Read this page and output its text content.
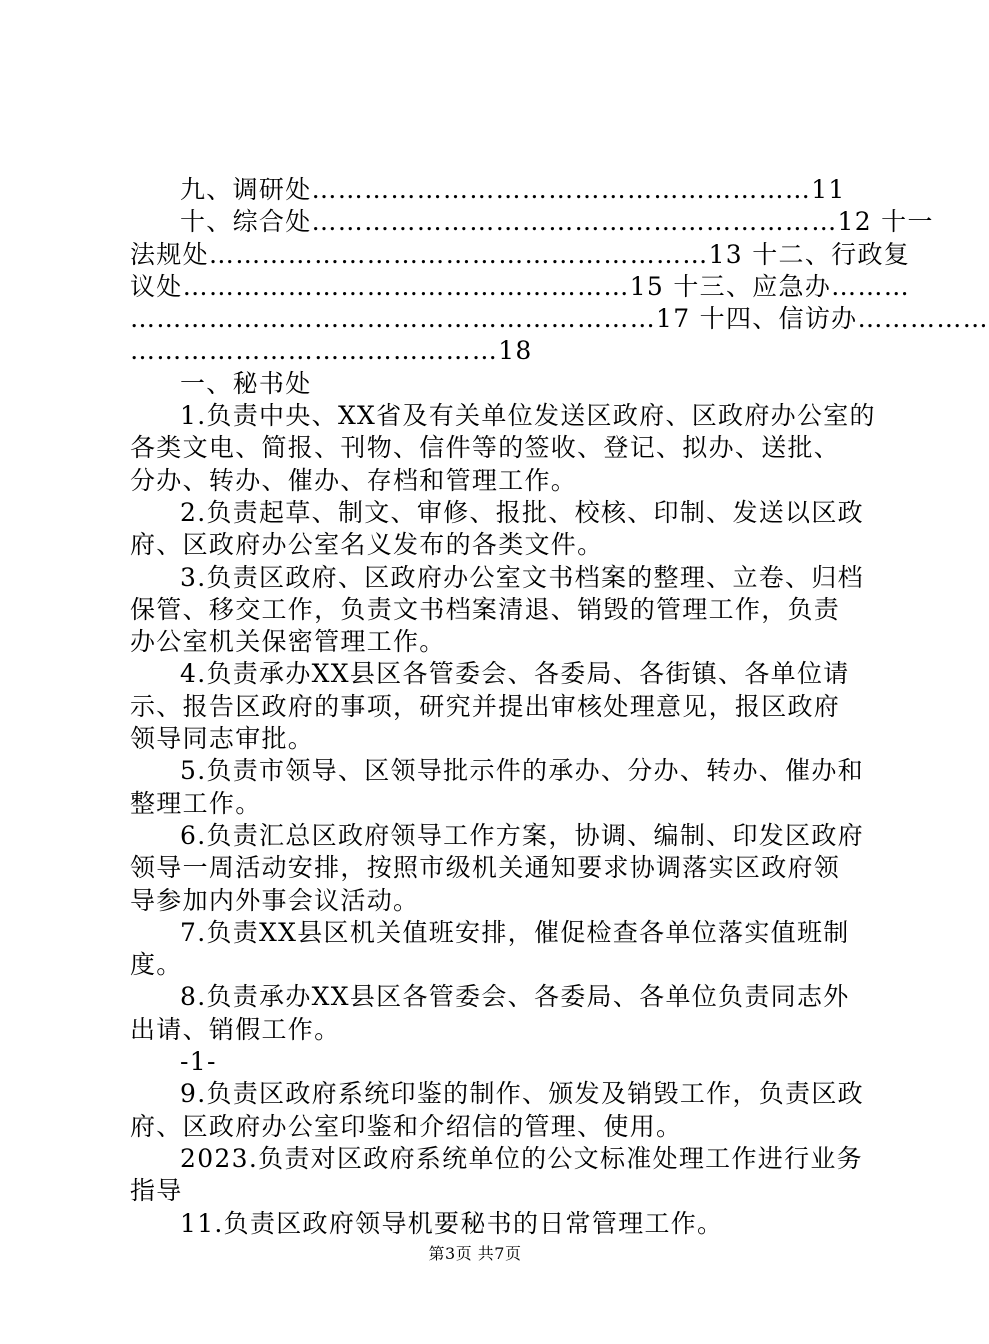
九、调研处…………………………………………………11
十、综合处……………………………………………………12 十一
法规处…………………………………………………13 十二、行政复
议处……………………………………………15 十三、应急办………
……………………………………………………17 十四、信访办……………
……………………………………18
一、秘书处
1.负责中央、XX省及有关单位发送区政府、区政府办公室的
各类文电、简报、刊物、信件等的签收、登记、拟办、送批、
分办、转办、催办、存档和管理工作。
2.负责起草、制文、审修、报批、校核、印制、发送以区政
府、区政府办公室名义发布的各类文件。
3.负责区政府、区政府办公室文书档案的整理、立卷、归档
保管、移交工作，负责文书档案清退、销毁的管理工作，负责
办公室机关保密管理工作。
4.负责承办XX县区各管委会、各委局、各街镇、各单位请
示、报告区政府的事项，研究并提出审核处理意见，报区政府
领导同志审批。
5.负责市领导、区领导批示件的承办、分办、转办、催办和
整理工作。
6.负责汇总区政府领导工作方案，协调、编制、印发区政府
领导一周活动安排，按照市级机关通知要求协调落实区政府领
导参加内外事会议活动。
7.负责XX县区机关值班安排，催促检查各单位落实值班制
度。
8.负责承办XX县区各管委会、各委局、各单位负责同志外
出请、销假工作。
-1-
9.负责区政府系统印鉴的制作、颁发及销毁工作，负责区政
府、区政府办公室印鉴和介绍信的管理、使用。
2023.负责对区政府系统单位的公文标准处理工作进行业务
指导
11.负责区政府领导机要秘书的日常管理工作。
第3页 共7页
